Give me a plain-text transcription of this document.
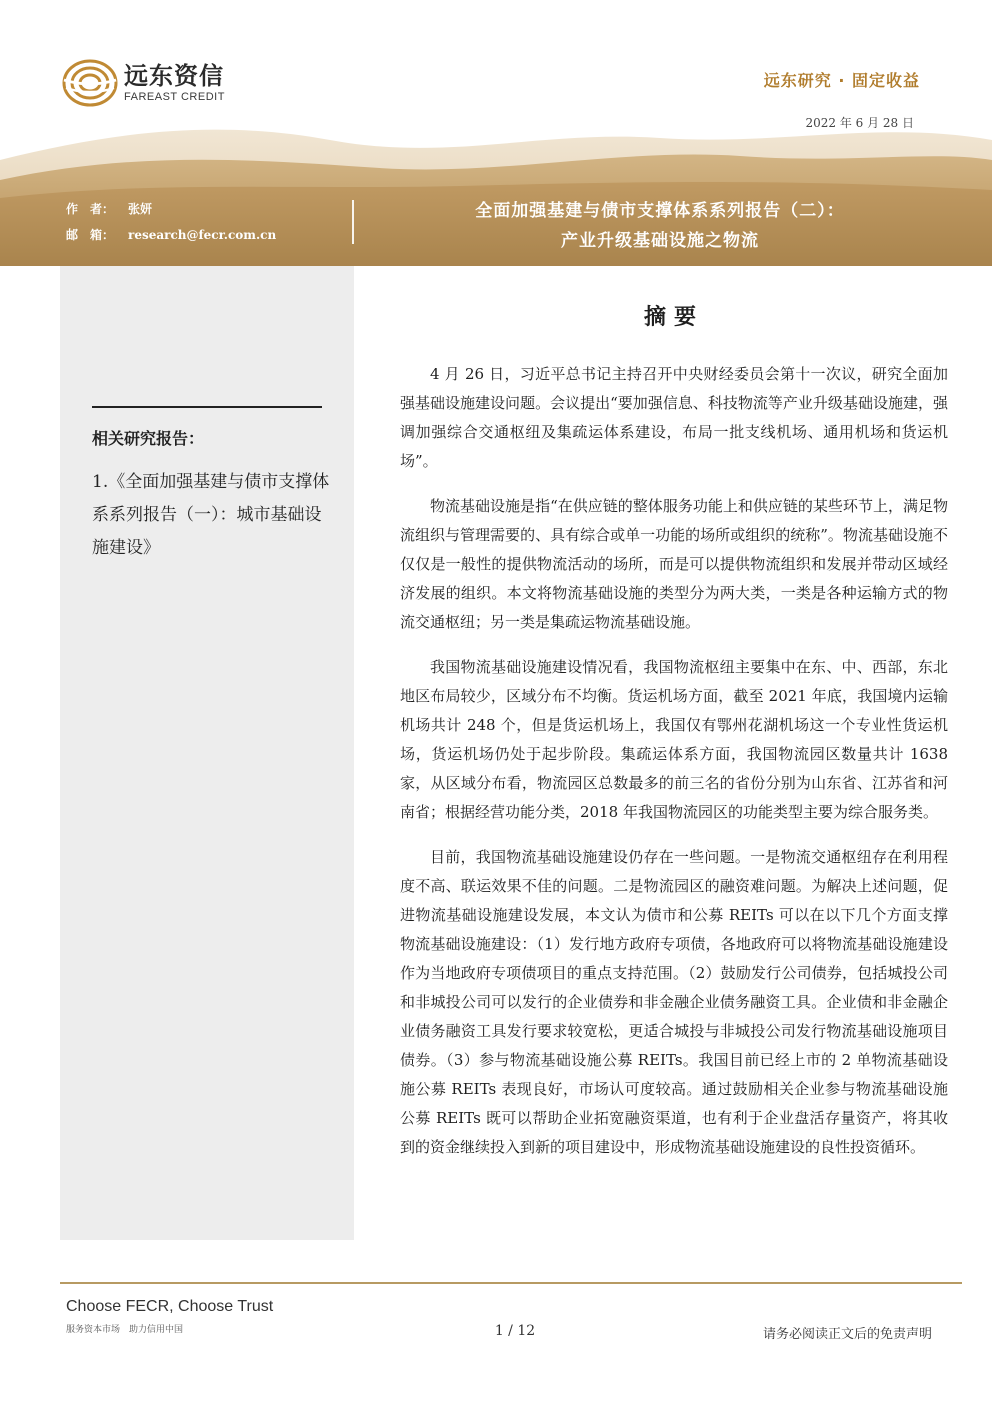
远东资信
FAREAST CREDIT
远东研究 · 固定收益
2022 年 6 月 28 日
作　者：	张妍
邮　箱：	research@fecr.com.cn
全面加强基建与债市支撑体系系列报告（二）：
产业升级基础设施之物流
相关研究报告：
1.《全面加强基建与债市支撑体系系列报告（一）：城市基础设施建设》
摘要

4 月 26 日，习近平总书记主持召开中央财经委员会第十一次议，研究全面加强基础设施建设问题。会议提出“要加强信息、科技物流等产业升级基础设施建，强调加强综合交通枢纽及集疏运体系建设，布局一批支线机场、通用机场和货运机场”。

物流基础设施是指“在供应链的整体服务功能上和供应链的某些环节上，满足物流组织与管理需要的、具有综合或单一功能的场所或组织的统称”。物流基础设施不仅仅是一般性的提供物流活动的场所，而是可以提供物流组织和发展并带动区域经济发展的组织。本文将物流基础设施的类型分为两大类，一类是各种运输方式的物流交通枢纽；另一类是集疏运物流基础设施。

我国物流基础设施建设情况看，我国物流枢纽主要集中在东、中、西部，东北地区布局较少，区域分布不均衡。货运机场方面，截至 2021 年底，我国境内运输机场共计 248 个，但是货运机场上，我国仅有鄂州花湖机场这一个专业性货运机场，货运机场仍处于起步阶段。集疏运体系方面，我国物流园区数量共计 1638 家，从区域分布看，物流园区总数最多的前三名的省份分别为山东省、江苏省和河南省；根据经营功能分类，2018 年我国物流园区的功能类型主要为综合服务类。

目前，我国物流基础设施建设仍存在一些问题。一是物流交通枢纽存在利用程度不高、联运效果不佳的问题。二是物流园区的融资难问题。为解决上述问题，促进物流基础设施建设发展，本文认为债市和公募 REITs 可以在以下几个方面支撑物流基础设施建设：（1）发行地方政府专项债，各地政府可以将物流基础设施建设作为当地政府专项债项目的重点支持范围。（2）鼓励发行公司债券，包括城投公司和非城投公司可以发行的企业债券和非金融企业债务融资工具。企业债和非金融企业债务融资工具发行要求较宽松，更适合城投与非城投公司发行物流基础设施项目债券。（3）参与物流基础设施公募 REITs。我国目前已经上市的 2 单物流基础设施公募 REITs 表现良好，市场认可度较高。通过鼓励相关企业参与物流基础设施公募 REITs 既可以帮助企业拓宽融资渠道，也有利于企业盘活存量资产，将其收到的资金继续投入到新的项目建设中，形成物流基础设施建设的良性投资循环。

Choose FECR, Choose Trust
服务资本市场　助力信用中国	1 / 12	请务必阅读正文后的免责声明
